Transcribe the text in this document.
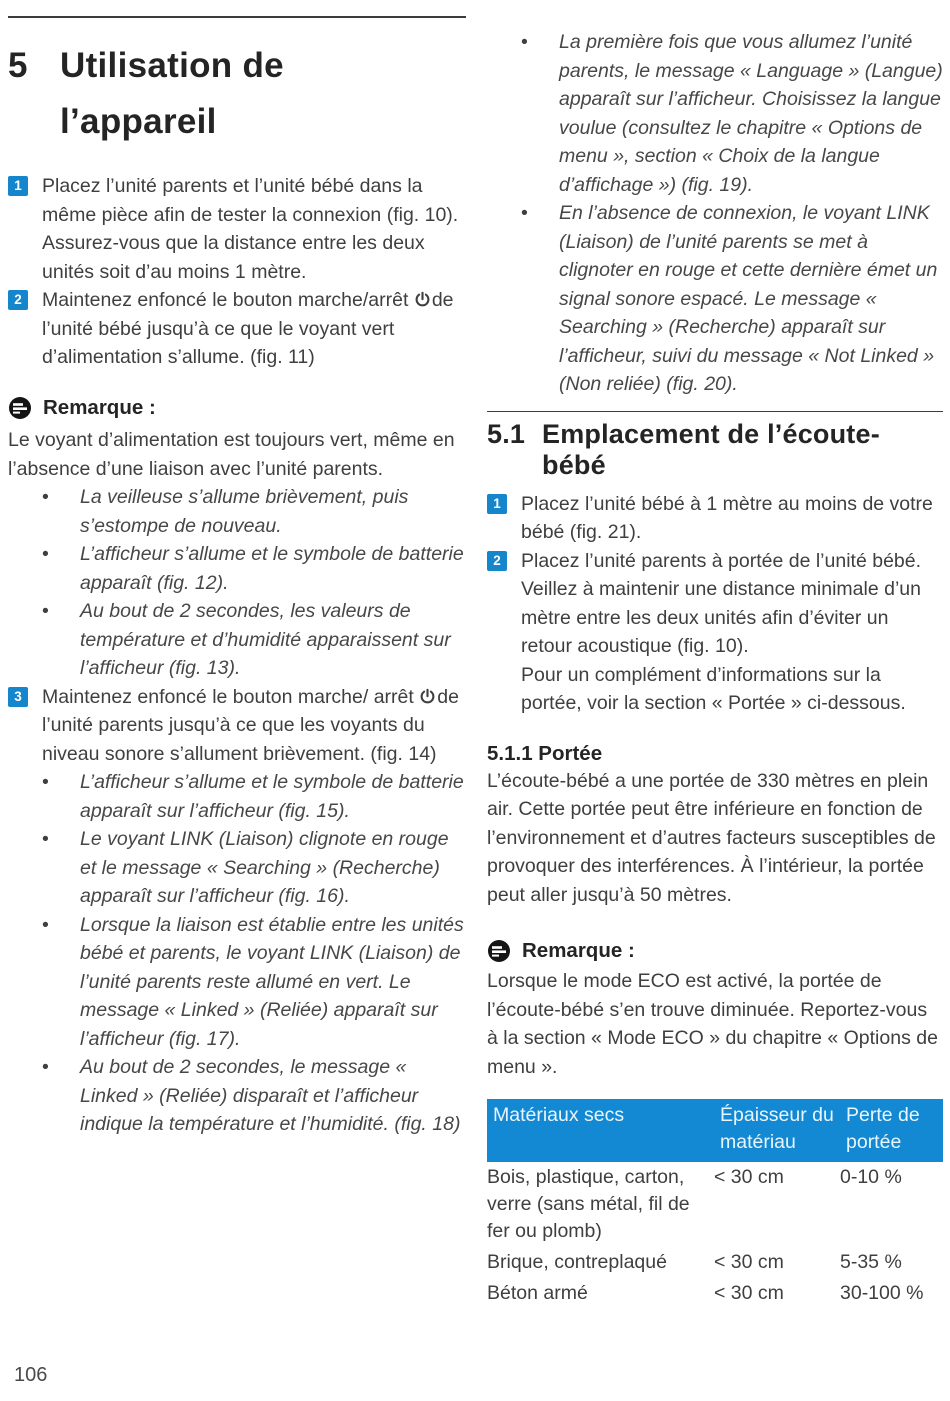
5 Utilisation de
l’appareil
1	Placez l’unité parents et l’unité bébé dans la même pièce afin de tester la connexion (fig. 10).
Assurez-vous que la distance entre les deux unités soit d’au moins 1 mètre.
2	Maintenez enfoncé le bouton marche/arrêt de l’unité bébé jusqu’à ce que le voyant vert d’alimentation s’allume. (fig. 11)
Remarque :
Le voyant d’alimentation est toujours vert, même en l’absence d’une liaison avec l’unité parents.
• La veilleuse s’allume brièvement, puis s’estompe de nouveau.
• L’afficheur s’allume et le symbole de batterie apparaît (fig. 12).
• Au bout de 2 secondes, les valeurs de température et d’humidité apparaissent sur l’afficheur (fig. 13).
3	Maintenez enfoncé le bouton marche/ arrêt de l’unité parents jusqu’à ce que les voyants du niveau sonore s’allument brièvement. (fig. 14)
• L’afficheur s’allume et le symbole de batterie apparaît sur l’afficheur (fig. 15).
• Le voyant LINK (Liaison) clignote en rouge et le message « Searching » (Recherche) apparaît sur l’afficheur (fig. 16).
• Lorsque la liaison est établie entre les unités bébé et parents, le voyant LINK (Liaison) de l’unité parents reste allumé en vert. Le message « Linked » (Reliée) apparaît sur l’afficheur (fig. 17).
• Au bout de 2 secondes, le message « Linked » (Reliée) disparaît et l’afficheur indique la température et l’humidité. (fig. 18)
• La première fois que vous allumez l’unité parents, le message « Language » (Langue) apparaît sur l’afficheur. Choisissez la langue voulue (consultez le chapitre « Options de menu », section « Choix de la langue d’affichage ») (fig. 19).
• En l’absence de connexion, le voyant LINK (Liaison) de l’unité parents se met à clignoter en rouge et cette dernière émet un signal sonore espacé. Le message « Searching » (Recherche) apparaît sur l’afficheur, suivi du message « Not Linked » (Non reliée) (fig. 20).
5.1 Emplacement de l’écoute-
bébé
1	Placez l’unité bébé à 1 mètre au moins de votre bébé (fig. 21).
2	Placez l’unité parents à portée de l’unité bébé. Veillez à maintenir une distance minimale d’un mètre entre les deux unités afin d’éviter un retour acoustique (fig. 10).
Pour un complément d’informations sur la portée, voir la section « Portée » ci-dessous.
5.1.1 Portée
L’écoute-bébé a une portée de 330 mètres en plein air. Cette portée peut être inférieure en fonction de l’environnement et d’autres facteurs susceptibles de provoquer des interférences. À l’intérieur, la portée peut aller jusqu’à 50 mètres.
Remarque :
Lorsque le mode ECO est activé, la portée de l’écoute-bébé s’en trouve diminuée. Reportez-vous à la section « Mode ECO » du chapitre « Options de menu ».
Matériaux secs	Épaisseur du matériau	Perte de portée
Bois, plastique, carton, verre (sans métal, fil de fer ou plomb)	< 30 cm	0-10 %
Brique, contreplaqué	< 30 cm	5-35 %
Béton armé	< 30 cm	30-100 %
106
